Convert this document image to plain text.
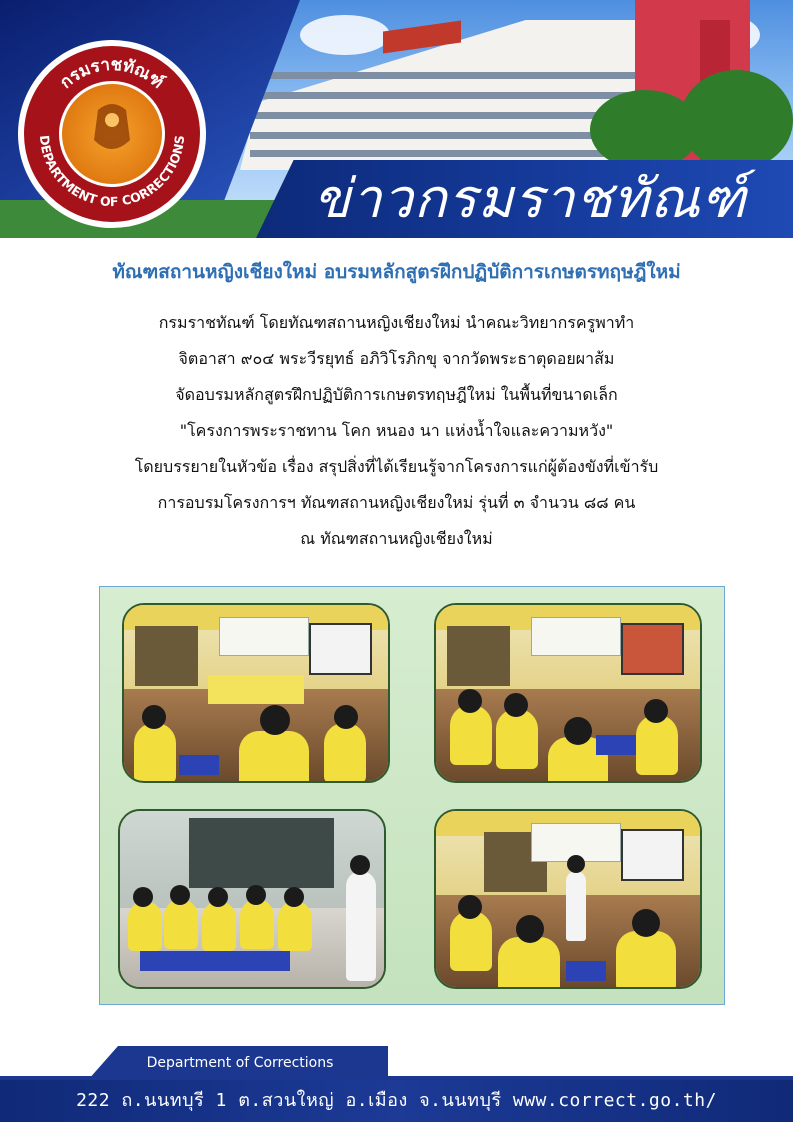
ข่าวกรมราชทัณฑ์
กรมราชทัณฑ์
DEPARTMENT OF CORRECTIONS
ทัณฑสถานหญิงเชียงใหม่ อบรมหลักสูตรฝึกปฏิบัติการเกษตรทฤษฎีใหม่
กรมราชทัณฑ์ โดยทัณฑสถานหญิงเชียงใหม่ นำคณะวิทยากรครูพาทำ
จิตอาสา ๙๐๔ พระวีรยุทธ์ อภิวิโรภิกขุ จากวัดพระธาตุดอยผาส้ม
จัดอบรมหลักสูตรฝึกปฏิบัติการเกษตรทฤษฎีใหม่ ในพื้นที่ขนาดเล็ก
"โครงการพระราชทาน โคก หนอง นา แห่งน้ำใจและความหวัง"
โดยบรรยายในหัวข้อ เรื่อง สรุปสิ่งที่ได้เรียนรู้จากโครงการแก่ผู้ต้องขังที่เข้ารับ
การอบรมโครงการฯ ทัณฑสถานหญิงเชียงใหม่ รุ่นที่ ๓ จำนวน ๘๘ คน
ณ ทัณฑสถานหญิงเชียงใหม่
Department of Corrections
222 ถ.นนทบุรี 1 ต.สวนใหญ่ อ.เมือง จ.นนทบุรี www.correct.go.th/
